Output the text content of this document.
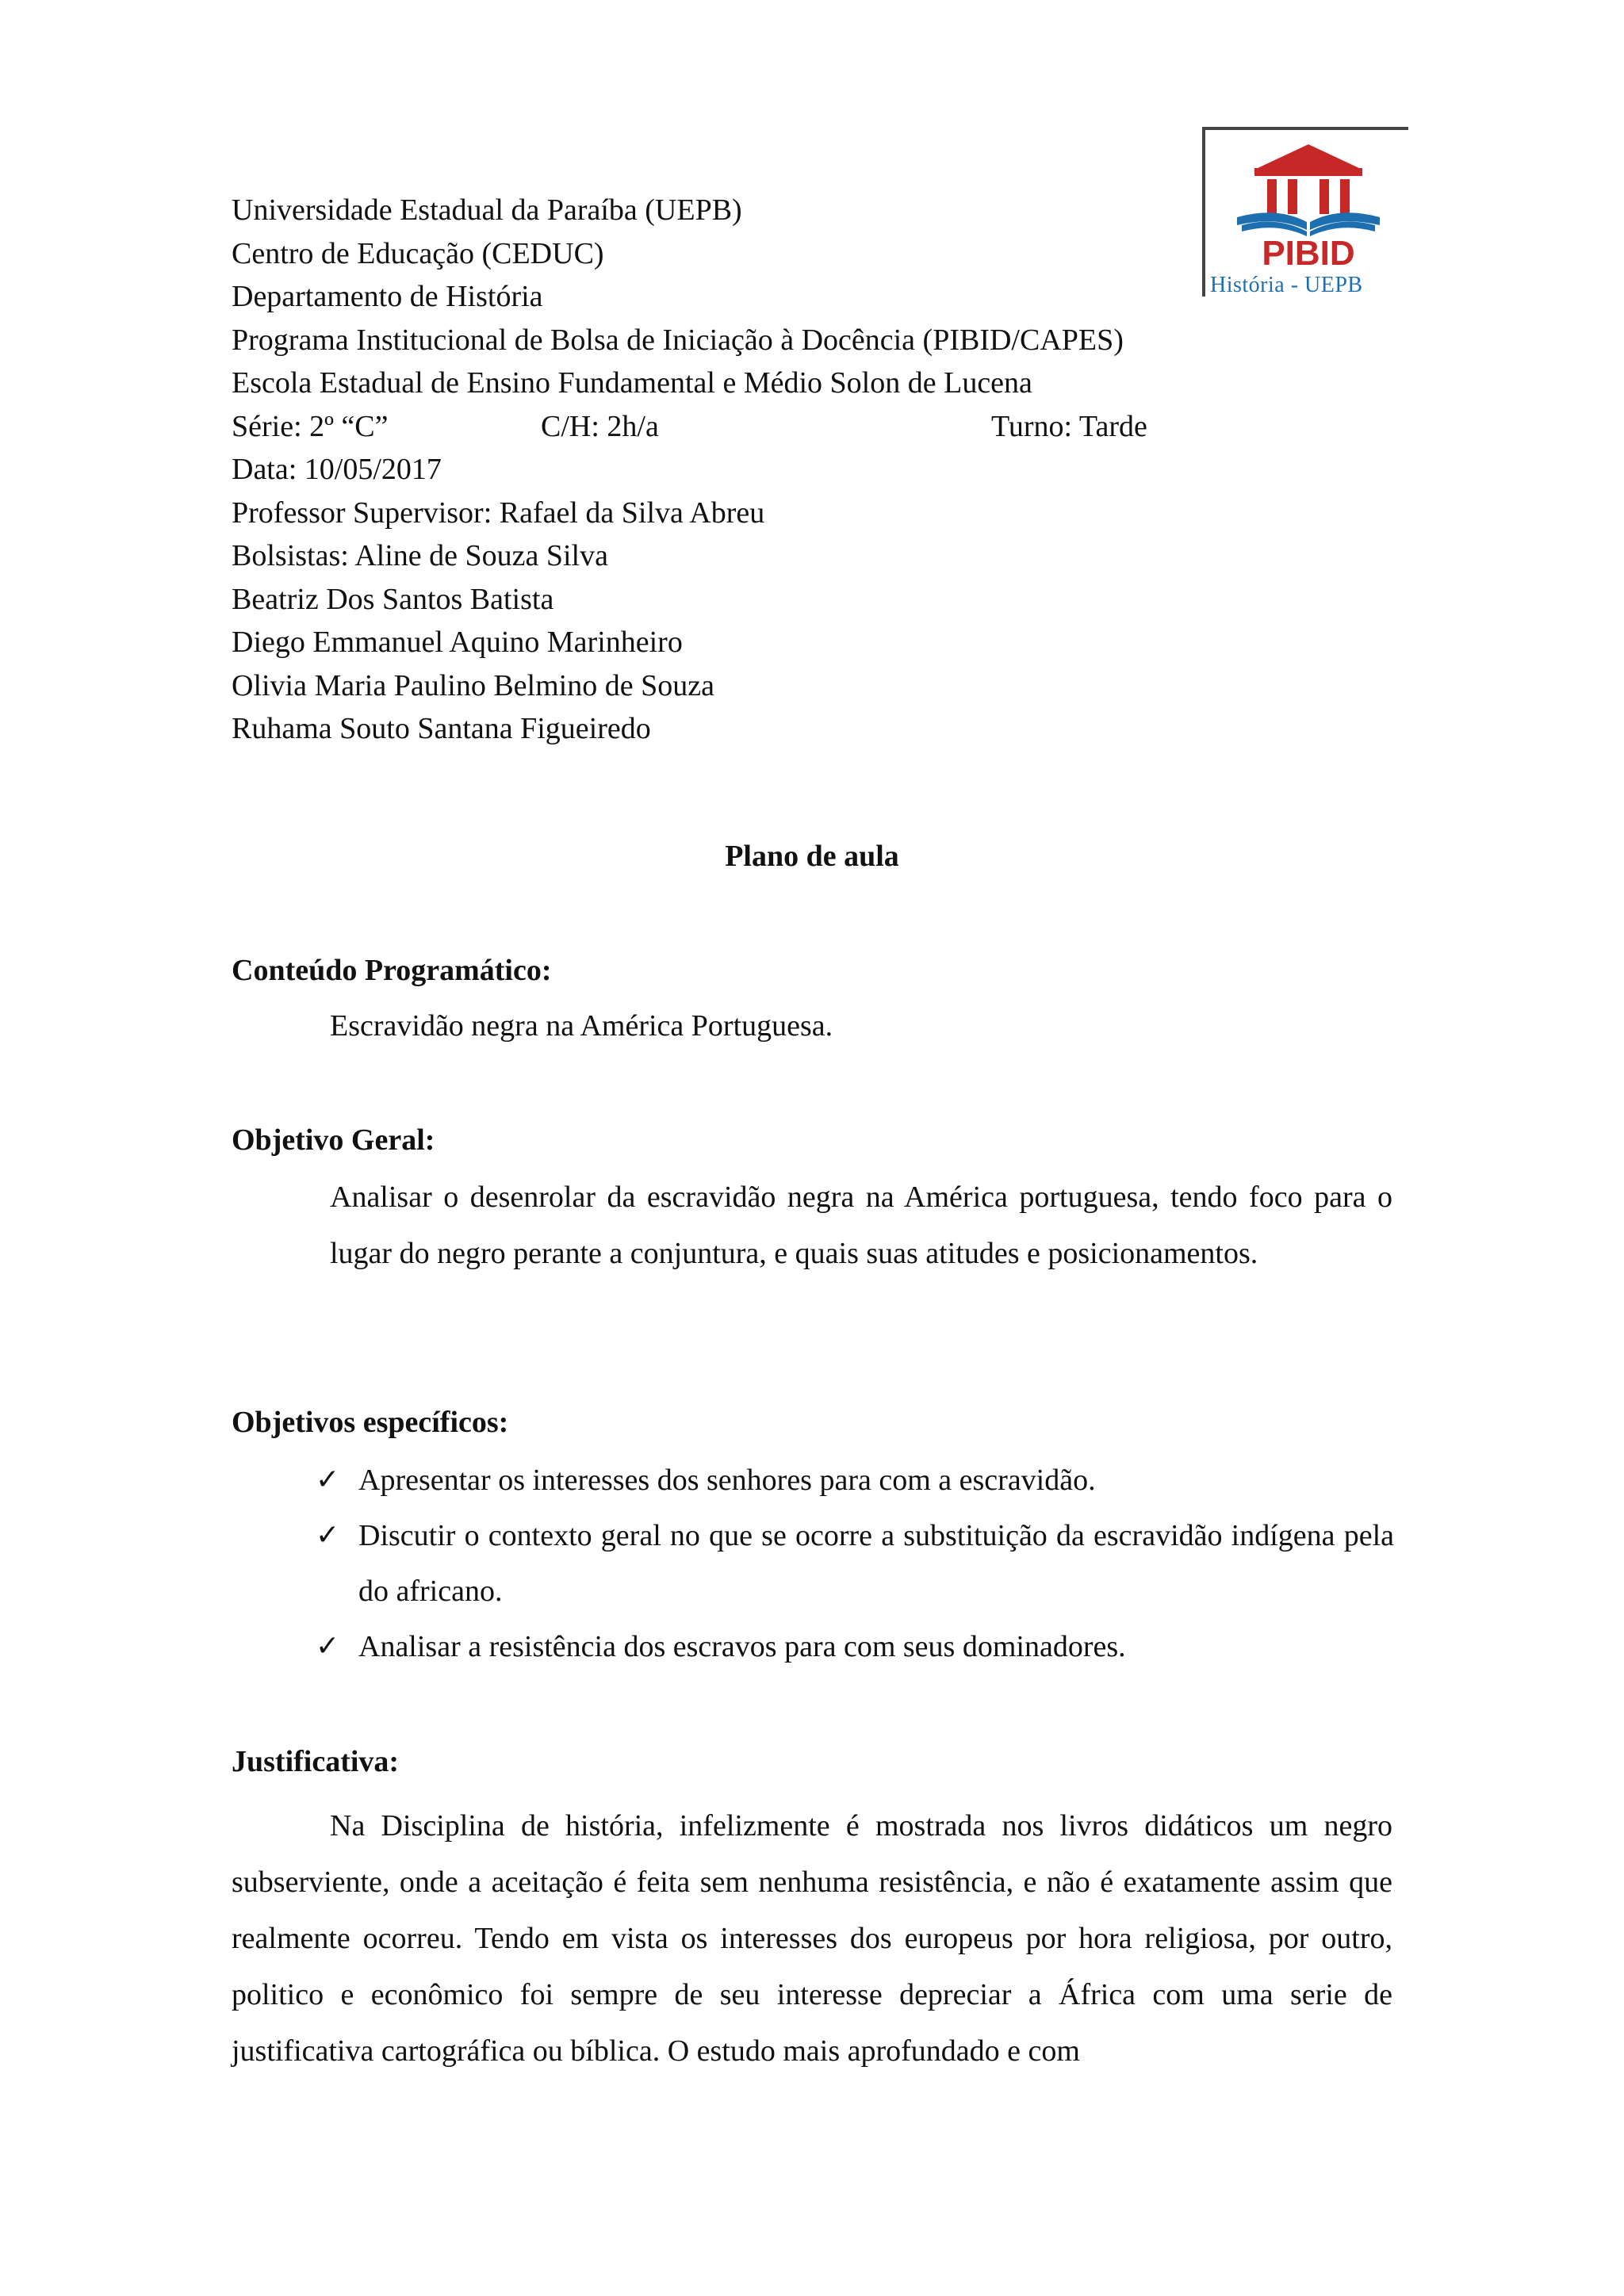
PIBID
História - UEPB
Universidade Estadual da Paraíba (UEPB)
Centro de Educação (CEDUC)
Departamento de História
Programa Institucional de Bolsa de Iniciação à Docência (PIBID/CAPES)
Escola Estadual de Ensino Fundamental e Médio Solon de Lucena
Série: 2º “C”	C/H: 2h/a	Turno: Tarde
Data: 10/05/2017
Professor Supervisor: Rafael da Silva Abreu
Bolsistas: Aline de Souza Silva
Beatriz Dos Santos Batista
Diego Emmanuel Aquino Marinheiro
Olivia Maria Paulino Belmino de Souza
Ruhama Souto Santana Figueiredo
Plano de aula
Conteúdo Programático:
Escravidão negra na América Portuguesa.
Objetivo Geral:
Analisar o desenrolar da escravidão negra na América portuguesa, tendo foco para o lugar do negro perante a conjuntura, e quais suas atitudes e posicionamentos.
Objetivos específicos:
✓ Apresentar os interesses dos senhores para com a escravidão.
✓ Discutir o contexto geral no que se ocorre a substituição da escravidão indígena pela do africano.
✓ Analisar a resistência dos escravos para com seus dominadores.
Justificativa:
Na Disciplina de história, infelizmente é mostrada nos livros didáticos um negro subserviente, onde a aceitação é feita sem nenhuma resistência, e não é exatamente assim que realmente ocorreu. Tendo em vista os interesses dos europeus por hora religiosa, por outro, politico e econômico foi sempre de seu interesse depreciar a África com uma serie de justificativa cartográfica ou bíblica. O estudo mais aprofundado e com
